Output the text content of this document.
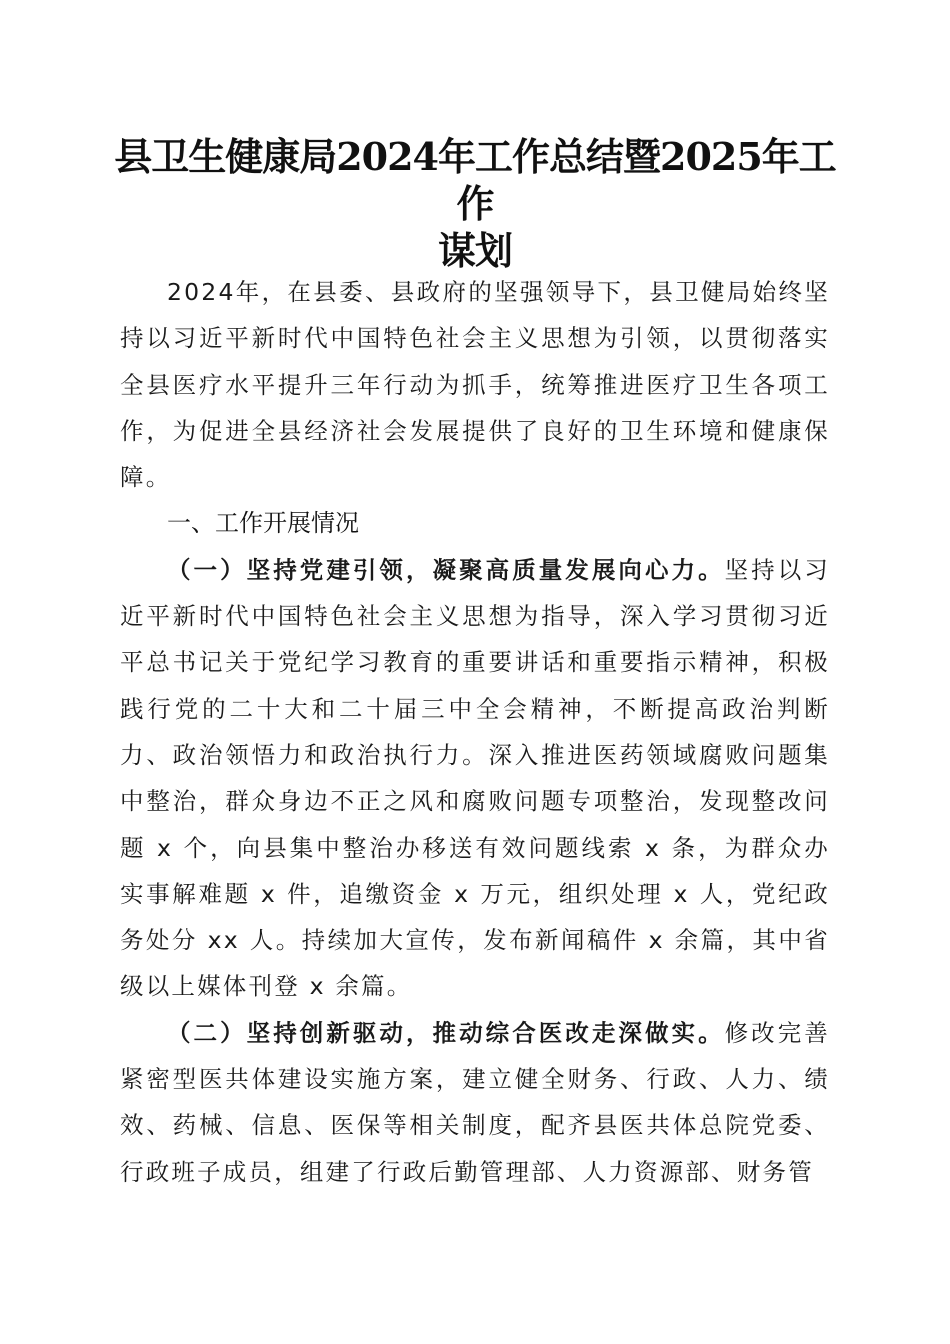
县卫生健康局2024年工作总结暨2025年工作
谋划

2024年，在县委、县政府的坚强领导下，县卫健局始终坚持以习近平新时代中国特色社会主义思想为引领，以贯彻落实全县医疗水平提升三年行动为抓手，统筹推进医疗卫生各项工作，为促进全县经济社会发展提供了良好的卫生环境和健康保障。

一、工作开展情况

（一）坚持党建引领，凝聚高质量发展向心力。坚持以习近平新时代中国特色社会主义思想为指导，深入学习贯彻习近平总书记关于党纪学习教育的重要讲话和重要指示精神，积极践行党的二十大和二十届三中全会精神，不断提高政治判断力、政治领悟力和政治执行力。深入推进医药领域腐败问题集中整治，群众身边不正之风和腐败问题专项整治，发现整改问题 x 个，向县集中整治办移送有效问题线索 x 条，为群众办实事解难题 x 件，追缴资金 x 万元，组织处理 x 人，党纪政务处分 xx 人。持续加大宣传，发布新闻稿件 x 余篇，其中省级以上媒体刊登 x 余篇。

（二）坚持创新驱动，推动综合医改走深做实。修改完善紧密型医共体建设实施方案，建立健全财务、行政、人力、绩效、药械、信息、医保等相关制度，配齐县医共体总院党委、行政班子成员，组建了行政后勤管理部、人力资源部、财务管
